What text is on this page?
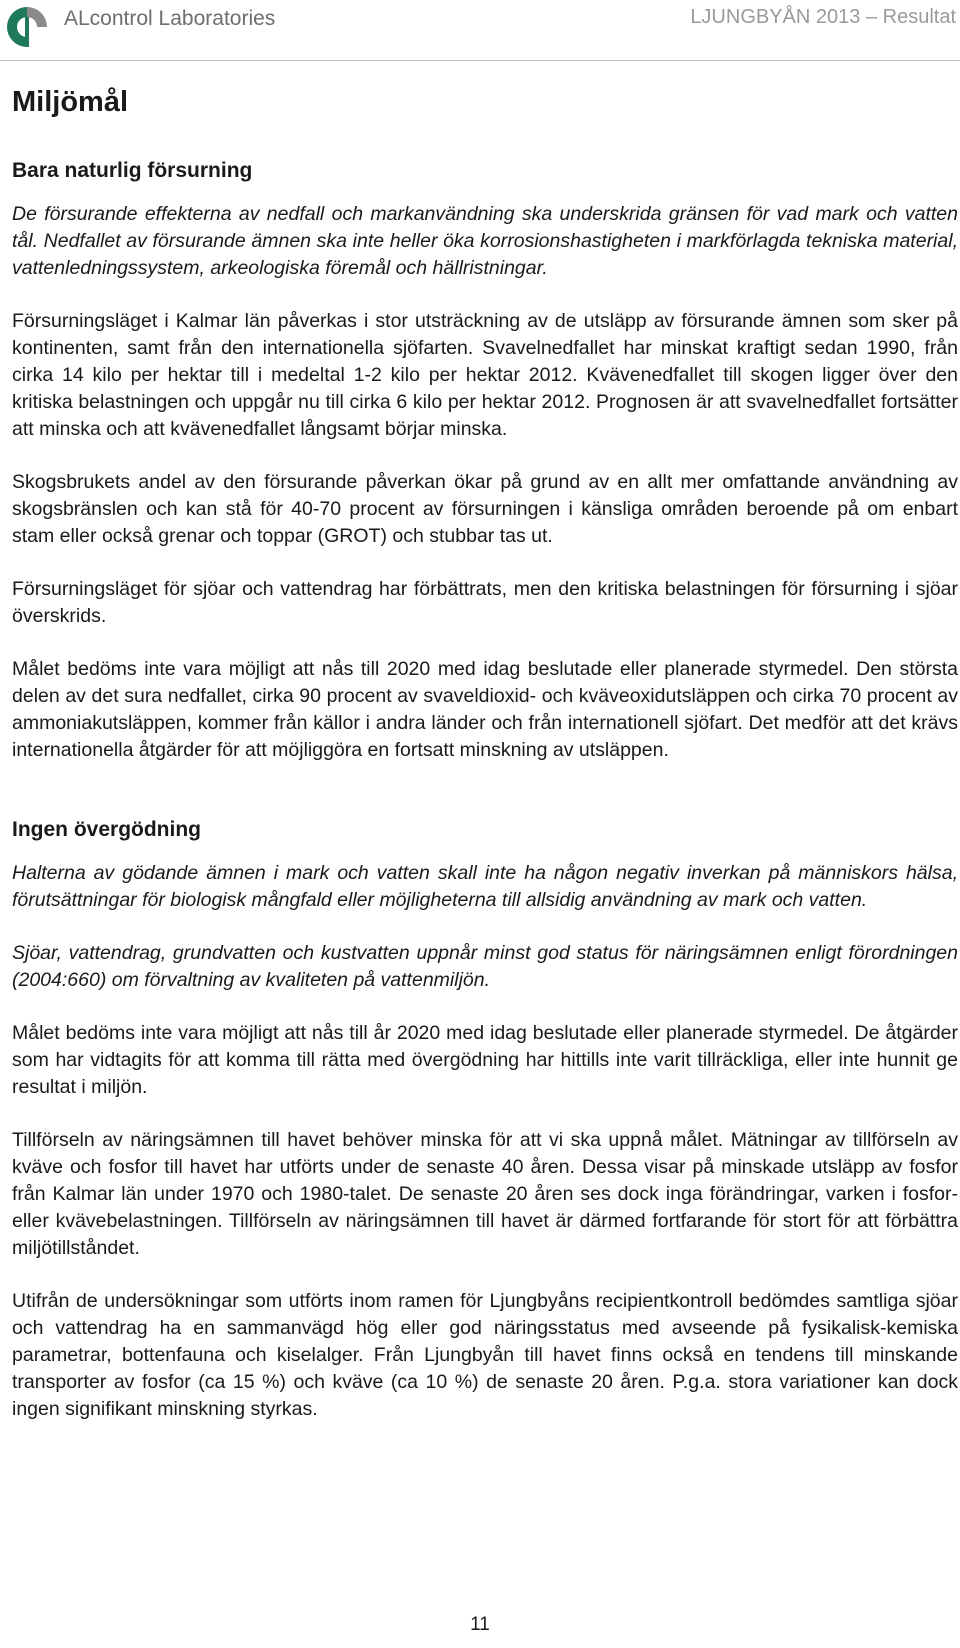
ALcontrol Laboratories	LJUNGBYÅN 2013 – Resultat
Miljömål
Bara naturlig försurning

De försurande effekterna av nedfall och markanvändning ska underskrida gränsen för vad mark och vatten tål. Nedfallet av försurande ämnen ska inte heller öka korrosionshastigheten i markförlagda tekniska material, vattenledningssystem, arkeologiska föremål och hällristningar.

Försurningsläget i Kalmar län påverkas i stor utsträckning av de utsläpp av försurande ämnen som sker på kontinenten, samt från den internationella sjöfarten. Svavelnedfallet har minskat kraftigt sedan 1990, från cirka 14 kilo per hektar till i medeltal 1-2 kilo per hektar 2012. Kvävenedfallet till skogen ligger över den kritiska belastningen och uppgår nu till cirka 6 kilo per hektar 2012. Prognosen är att svavelnedfallet fortsätter att minska och att kvävenedfallet långsamt börjar minska.

Skogsbrukets andel av den försurande påverkan ökar på grund av en allt mer omfattande användning av skogsbränslen och kan stå för 40-70 procent av försurningen i känsliga områden beroende på om enbart stam eller också grenar och toppar (GROT) och stubbar tas ut.

Försurningsläget för sjöar och vattendrag har förbättrats, men den kritiska belastningen för försurning i sjöar överskrids.

Målet bedöms inte vara möjligt att nås till 2020 med idag beslutade eller planerade styrmedel. Den största delen av det sura nedfallet, cirka 90 procent av svaveldioxid- och kväveoxidutsläppen och cirka 70 procent av ammoniakutsläppen, kommer från källor i andra länder och från internationell sjöfart. Det medför att det krävs internationella åtgärder för att möjliggöra en fortsatt minskning av utsläppen.

Ingen övergödning

Halterna av gödande ämnen i mark och vatten skall inte ha någon negativ inverkan på människors hälsa, förutsättningar för biologisk mångfald eller möjligheterna till allsidig användning av mark och vatten.

Sjöar, vattendrag, grundvatten och kustvatten uppnår minst god status för näringsämnen enligt förordningen (2004:660) om förvaltning av kvaliteten på vattenmiljön.

Målet bedöms inte vara möjligt att nås till år 2020 med idag beslutade eller planerade styrmedel. De åtgärder som har vidtagits för att komma till rätta med övergödning har hittills inte varit tillräckliga, eller inte hunnit ge resultat i miljön.

Tillförseln av näringsämnen till havet behöver minska för att vi ska uppnå målet. Mätningar av tillförseln av kväve och fosfor till havet har utförts under de senaste 40 åren. Dessa visar på minskade utsläpp av fosfor från Kalmar län under 1970 och 1980-talet. De senaste 20 åren ses dock inga förändringar, varken i fosfor- eller kvävebelastningen. Tillförseln av näringsämnen till havet är därmed fortfarande för stort för att förbättra miljötillståndet.

Utifrån de undersökningar som utförts inom ramen för Ljungbyåns recipientkontroll bedömdes samtliga sjöar och vattendrag ha en sammanvägd hög eller god näringsstatus med avseende på fysikalisk-kemiska parametrar, bottenfauna och kiselalger. Från Ljungbyån till havet finns också en tendens till minskande transporter av fosfor (ca 15 %) och kväve (ca 10 %) de senaste 20 åren. P.g.a. stora variationer kan dock ingen signifikant minskning styrkas.

11
